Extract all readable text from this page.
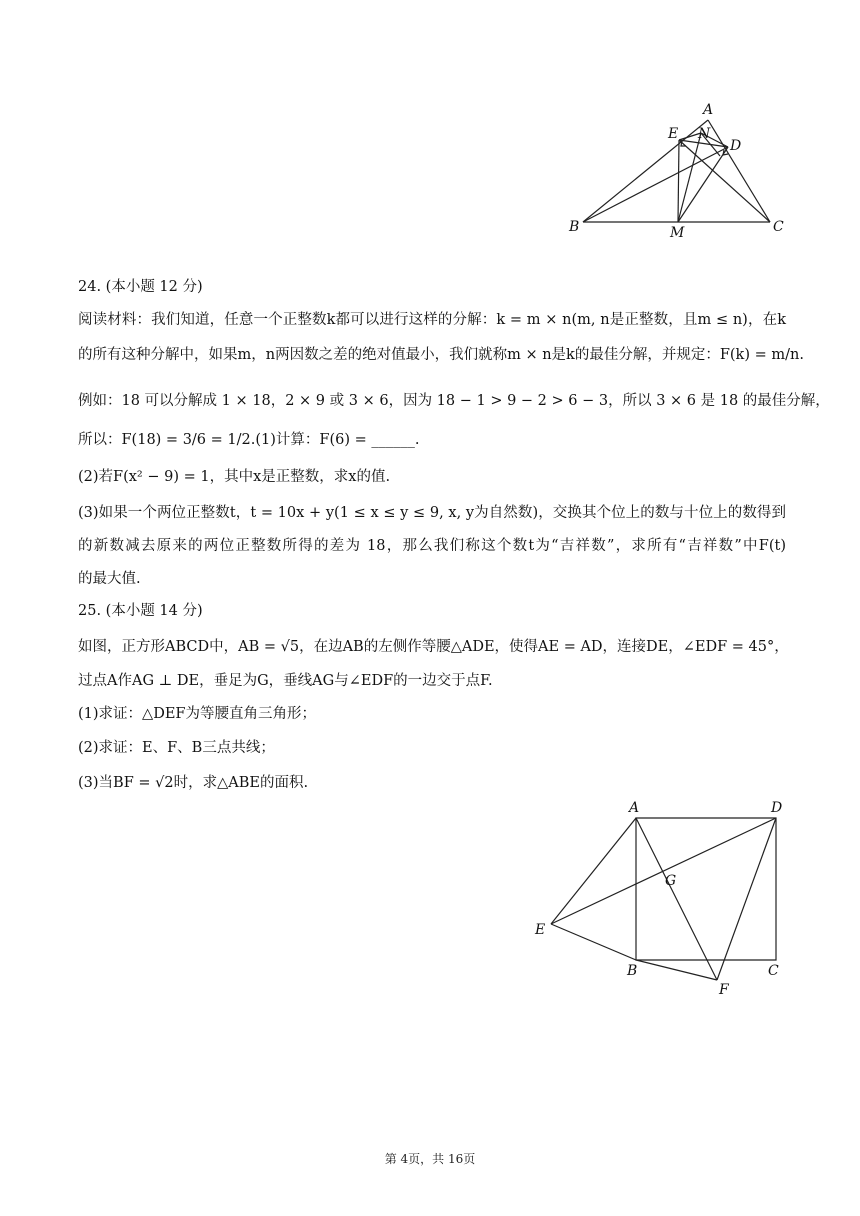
A
E N
D
B	M	C
24. (本小题 12 分)
阅读材料：我们知道，任意一个正整数k都可以进行这样的分解：k = m × n(m, n是正整数，且m ≤ n)，在k
的所有这种分解中，如果m，n两因数之差的绝对值最小，我们就称m × n是k的最佳分解，并规定：F(k) = m/n.
例如：18 可以分解成 1 × 18，2 × 9 或 3 × 6，因为 18 − 1 > 9 − 2 > 6 − 3，所以 3 × 6 是 18 的最佳分解，
所以：F(18) = 3/6 = 1/2.(1)计算：F(6) = ______.
(2)若F(x² − 9) = 1，其中x是正整数，求x的值.
(3)如果一个两位正整数t，t = 10x + y(1 ≤ x ≤ y ≤ 9, x, y为自然数)，交换其个位上的数与十位上的数得到
的新数减去原来的两位正整数所得的差为 18，那么我们称这个数t为“吉祥数”，求所有“吉祥数”中F(t)
的最大值.
25. (本小题 14 分)
如图，正方形ABCD中，AB = √5，在边AB的左侧作等腰△ADE，使得AE = AD，连接DE，∠EDF = 45°，
过点A作AG ⊥ DE，垂足为G，垂线AG与∠EDF的一边交于点F.
(1)求证：△DEF为等腰直角三角形；
(2)求证：E、F、B三点共线；
(3)当BF = √2时，求△ABE的面积.
A	D
G
E
B	C
F
第 4页，共 16页
